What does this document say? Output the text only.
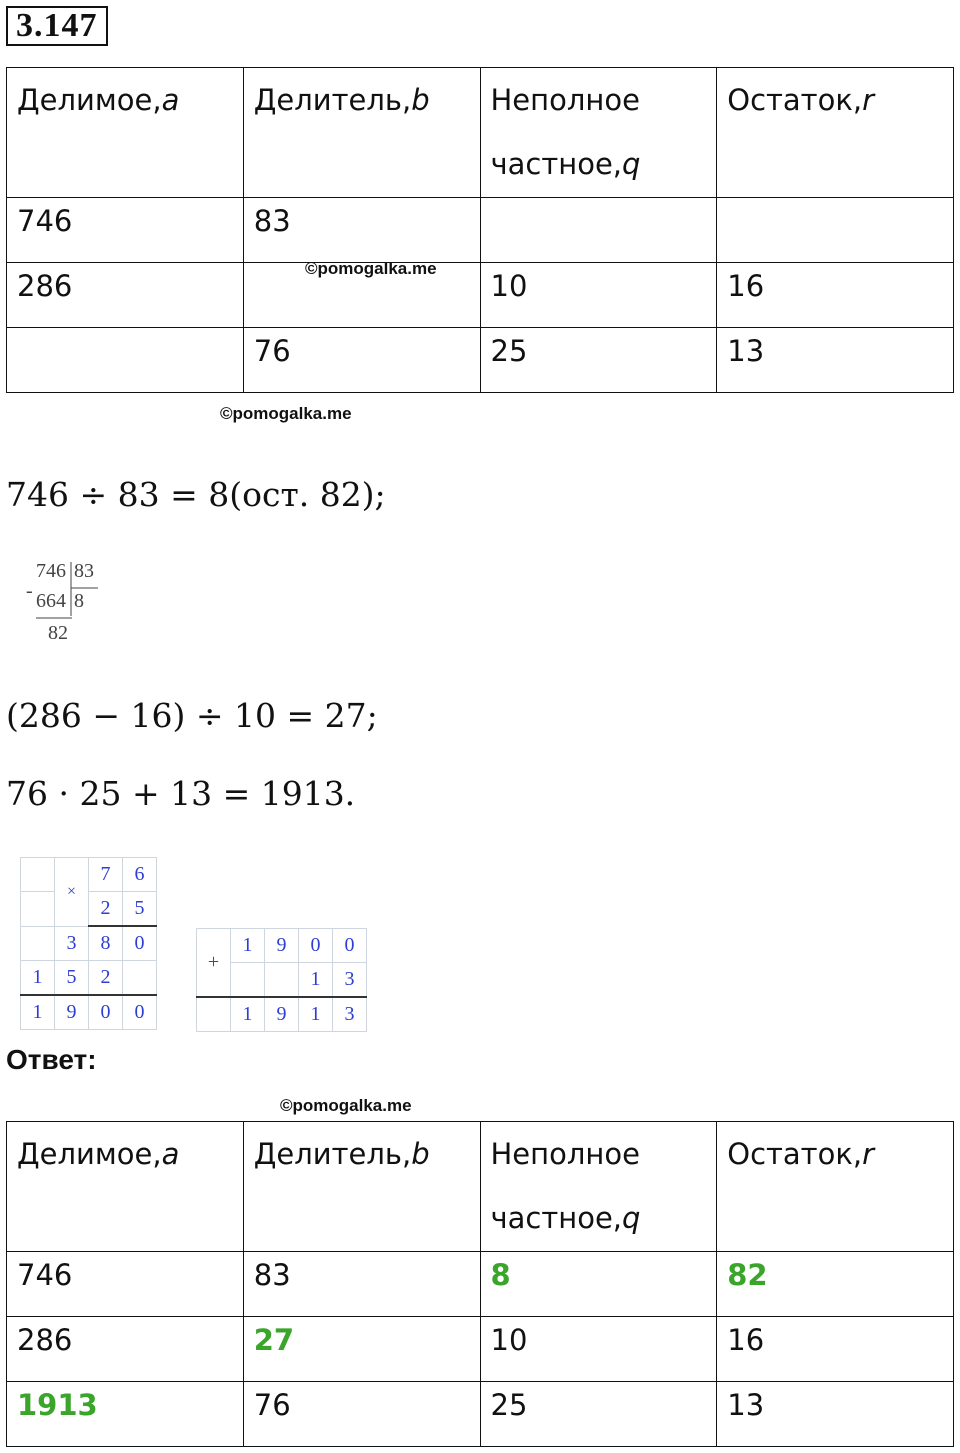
3.147
Делимое,a	Делитель,b	Неполное
частное,q	Остаток,r
746	83		
286		10	16
	76	25	13
©pomogalka.me
©pomogalka.me
746 ÷ 83 = 8(ост. 82);
746 83
- 664 8
82
(286 − 16) ÷ 10 = 27;
76 · 25 + 13 = 1913.
	×	7	6
		2	5
	3	8	0
1	5	2	
1	9	0	0
+	1	9	0	0
			1	3
	1	9	1	3
Ответ:
©pomogalka.me
Делимое,a	Делитель,b	Неполное
частное,q	Остаток,r
746	83	8	82
286	27	10	16
1913	76	25	13
